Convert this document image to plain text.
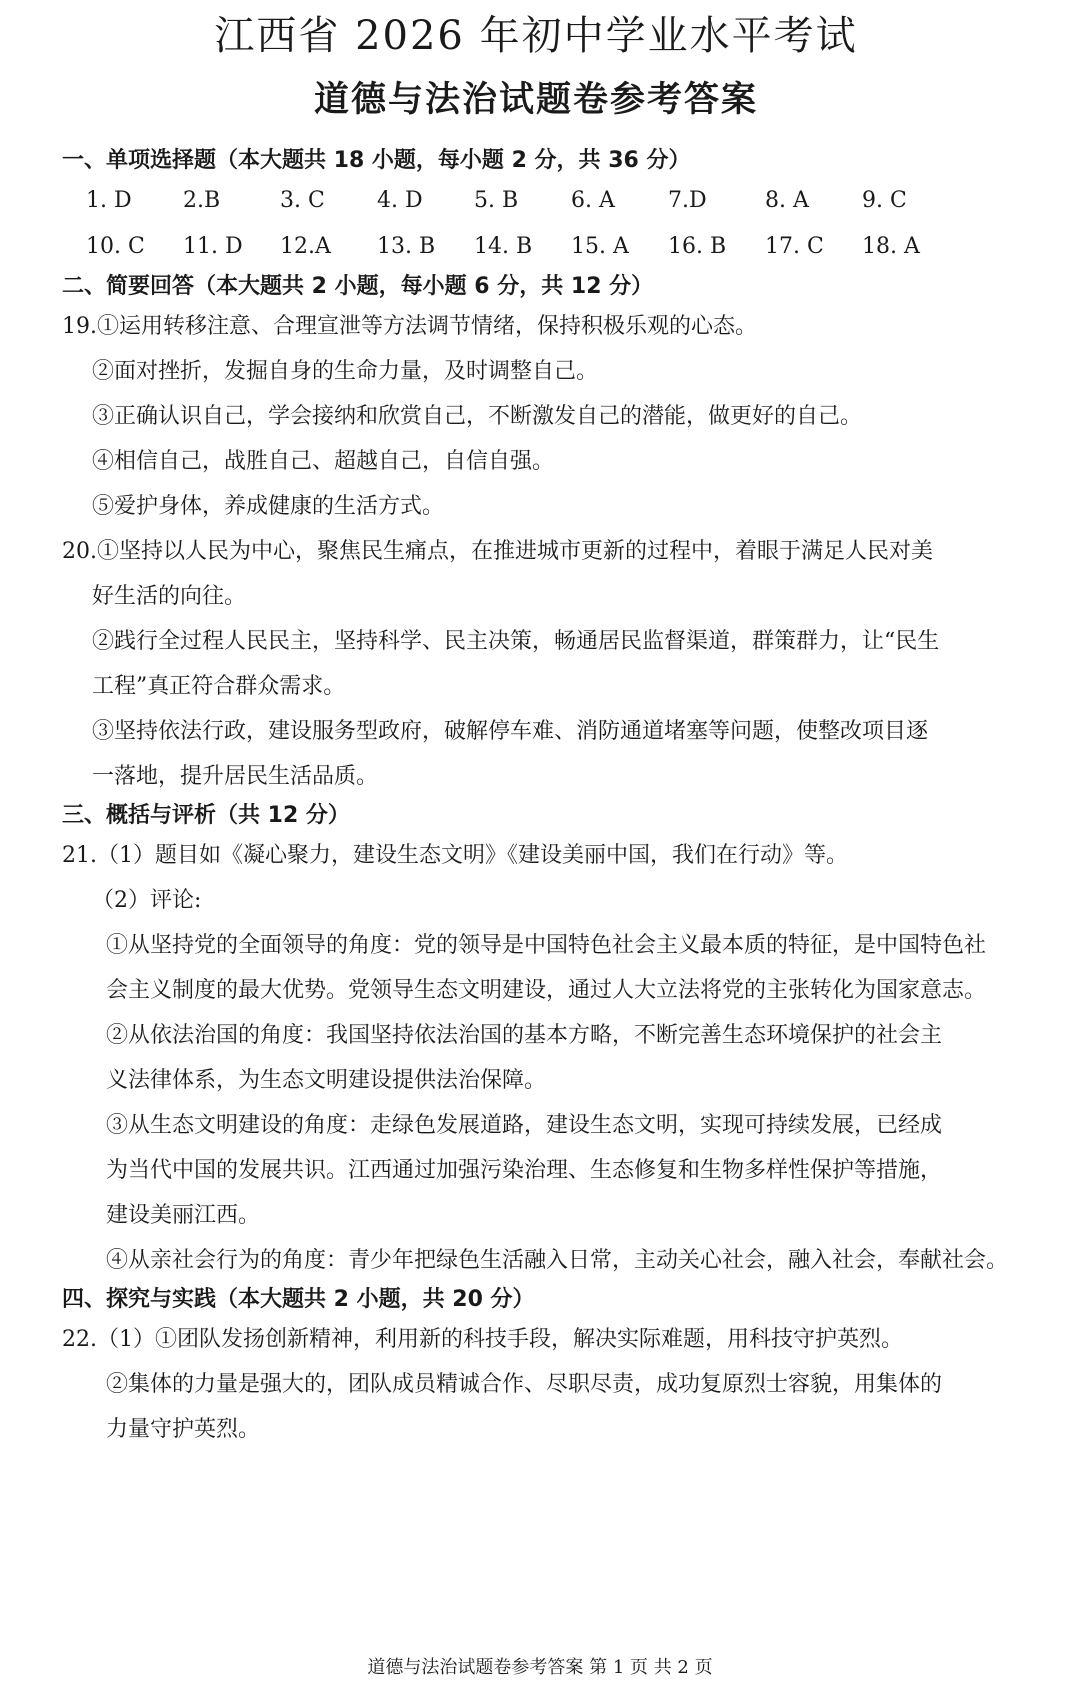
江西省 2026 年初中学业水平考试
道德与法治试题卷参考答案

一、单项选择题（本大题共 18 小题，每小题 2 分，共 36 分）

1. D	2.B	3. C	4. D	5. B	6. A	7.D	8. A	9. C
10. C	11. D	12.A	13. B	14. B	15. A	16. B	17. C	18. A

二、简要回答（本大题共 2 小题，每小题 6 分，共 12 分）

19.①运用转移注意、合理宣泄等方法调节情绪，保持积极乐观的心态。

②面对挫折，发掘自身的生命力量，及时调整自己。

③正确认识自己，学会接纳和欣赏自己，不断激发自己的潜能，做更好的自己。

④相信自己，战胜自己、超越自己，自信自强。

⑤爱护身体，养成健康的生活方式。

20.①坚持以人民为中心，聚焦民生痛点，在推进城市更新的过程中，着眼于满足人民对美

好生活的向往。

②践行全过程人民民主，坚持科学、民主决策，畅通居民监督渠道，群策群力，让“民生

工程”真正符合群众需求。

③坚持依法行政，建设服务型政府，破解停车难、消防通道堵塞等问题，使整改项目逐

一落地，提升居民生活品质。

三、概括与评析（共 12 分）

21.（1）题目如《凝心聚力，建设生态文明》《建设美丽中国，我们在行动》等。

（2）评论:

①从坚持党的全面领导的角度：党的领导是中国特色社会主义最本质的特征，是中国特色社

会主义制度的最大优势。党领导生态文明建设，通过人大立法将党的主张转化为国家意志。

②从依法治国的角度：我国坚持依法治国的基本方略，不断完善生态环境保护的社会主

义法律体系，为生态文明建设提供法治保障。

③从生态文明建设的角度：走绿色发展道路，建设生态文明，实现可持续发展，已经成

为当代中国的发展共识。江西通过加强污染治理、生态修复和生物多样性保护等措施，

建设美丽江西。

④从亲社会行为的角度：青少年把绿色生活融入日常，主动关心社会，融入社会，奉献社会。

四、探究与实践（本大题共 2 小题，共 20 分）

22.（1）①团队发扬创新精神，利用新的科技手段，解决实际难题，用科技守护英烈。

②集体的力量是强大的，团队成员精诚合作、尽职尽责，成功复原烈士容貌，用集体的

力量守护英烈。

道德与法治试题卷参考答案 第 1 页 共 2 页
